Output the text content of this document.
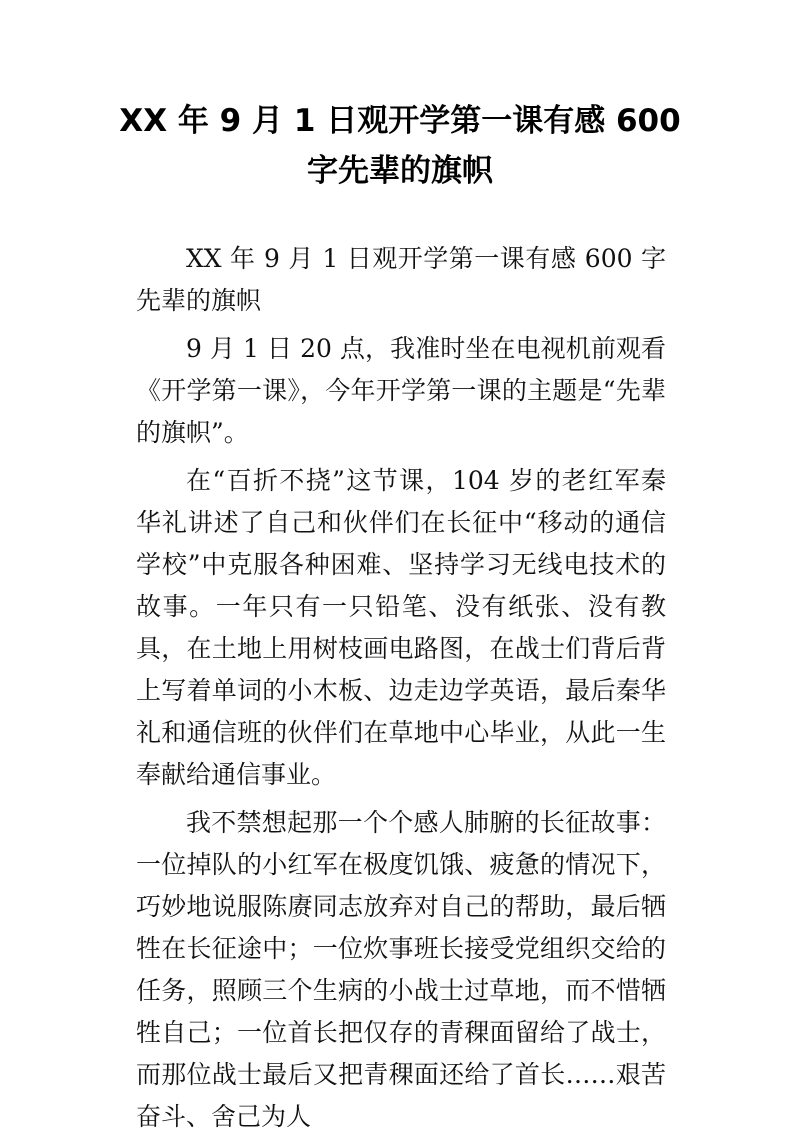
XX 年 9 月 1 日观开学第一课有感 600
字先辈的旗帜

XX 年 9 月 1 日观开学第一课有感 600 字先辈的旗帜

9 月 1 日 20 点，我准时坐在电视机前观看《开学第一课》，今年开学第一课的主题是“先辈的旗帜”。

在“百折不挠”这节课，104 岁的老红军秦华礼讲述了自己和伙伴们在长征中“移动的通信学校”中克服各种困难、坚持学习无线电技术的故事。一年只有一只铅笔、没有纸张、没有教具，在土地上用树枝画电路图，在战士们背后背上写着单词的小木板、边走边学英语，最后秦华礼和通信班的伙伴们在草地中心毕业，从此一生奉献给通信事业。

我不禁想起那一个个感人肺腑的长征故事：一位掉队的小红军在极度饥饿、疲惫的情况下，巧妙地说服陈赓同志放弃对自己的帮助，最后牺牲在长征途中；一位炊事班长接受党组织交给的任务，照顾三个生病的小战士过草地，而不惜牺牲自己；一位首长把仅存的青稞面留给了战士，而那位战士最后又把青稞面还给了首长……艰苦奋斗、舍己为人
